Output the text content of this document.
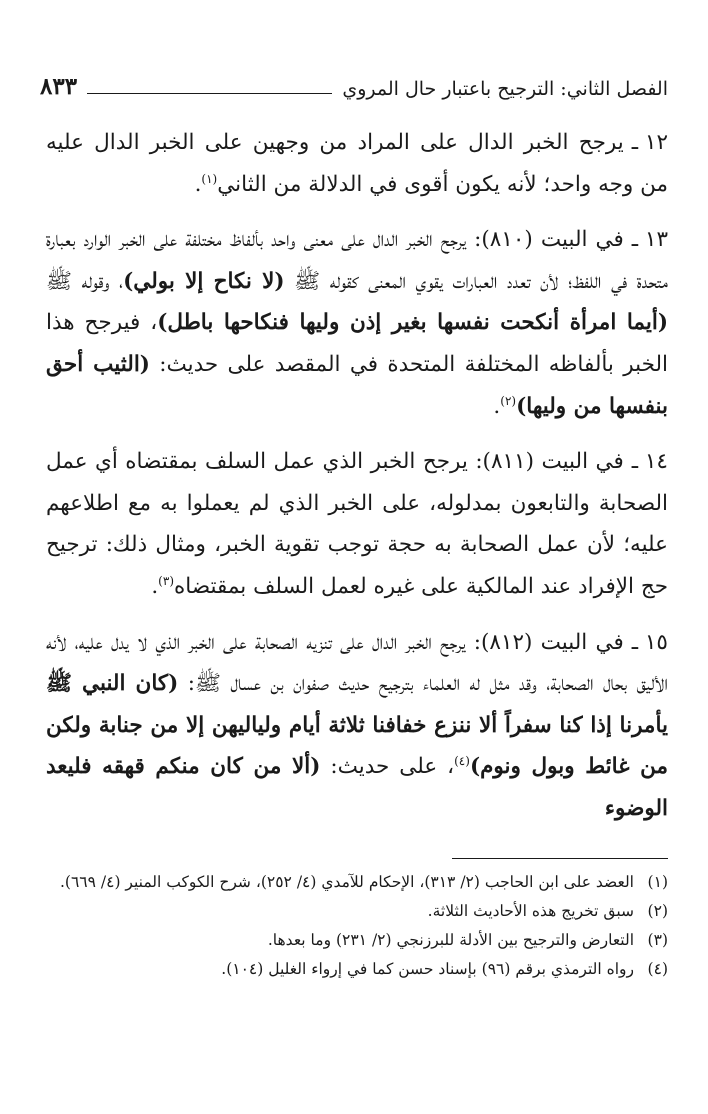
الفصل الثاني: الترجيح باعتبار حال المروي
٨٣٣

١٢ ـيرجح الخبر الدال على المراد من وجهين على الخبر الدال عليه من وجه واحد؛ لأنه يكون أقوى في الدلالة من الثاني$^{(١)}$.

١٣ ـفي البيت (٨١٠): يرجح الخبر الدال على معنى واحد بألفاظ مختلفة على الخبر الوارد بعبارة متحدة في اللفظ؛ لأن تعدد العبارات يقوي المعنى كقوله ﷺ (لا نكاح إلا بولي)، وقوله ﷺ (أيما امرأة أنكحت نفسها بغير إذن وليها فنكاحها باطل)، فيرجح هذا الخبر بألفاظه المختلفة المتحدة في المقصد على حديث: (الثيب أحق بنفسها من وليها)$^{(٢)}$.

١٤ ـفي البيت (٨١١): يرجح الخبر الذي عمل السلف بمقتضاه أي عمل الصحابة والتابعون بمدلوله، على الخبر الذي لم يعملوا به مع اطلاعهم عليه؛ لأن عمل الصحابة به حجة توجب تقوية الخبر، ومثال ذلك: ترجيح حج الإفراد عند المالكية على غيره لعمل السلف بمقتضاه$^{(٣)}$.

١٥ ـفي البيت (٨١٢): يرجح الخبر الدال على تنزيه الصحابة على الخبر الذي لا يدل عليه، لأنه الأليق بحال الصحابة، وقد مثل له العلماء بترجيح حديث صفوان بن عسال ﷺ: (كان النبي ﷺ يأمرنا إذا كنا سفراً ألا ننزع خفافنا ثلاثة أيام ولياليهن إلا من جنابة ولكن من غائط وبول ونوم)$^{(٤)}$، على حديث: (ألا من كان منكم قهقه فليعد الوضوء

(١)
العضد على ابن الحاجب (٢/ ٣١٣)، الإحكام للآمدي (٤/ ٢٥٢)، شرح الكوكب المنير (٤/ ٦٦٩).
(٢)
سبق تخريج هذه الأحاديث الثلاثة.
(٣)
التعارض والترجيح بين الأدلة للبرزنجي (٢/ ٢٣١) وما بعدها.
(٤)
رواه الترمذي برقم (٩٦) بإسناد حسن كما في إرواء الغليل (١٠٤).
